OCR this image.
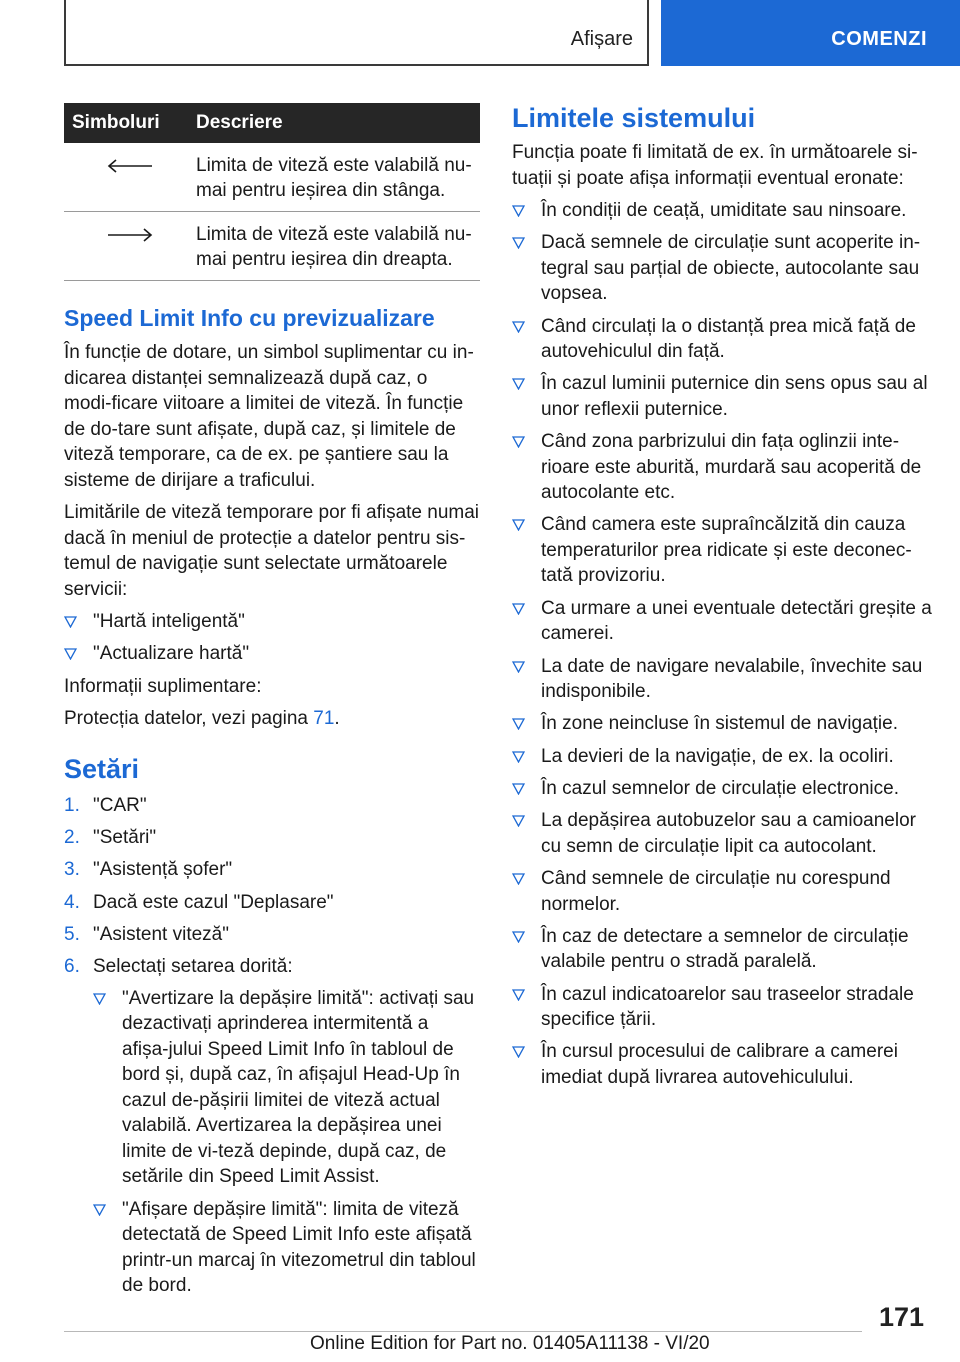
Afișare	COMENZI
Simboluri	Descriere
Limita de viteză este valabilă nu-mai pentru ieșirea din stânga.
Limita de viteză este valabilă nu-mai pentru ieșirea din dreapta.
Speed Limit Info cu previzualizare

În funcție de dotare, un simbol suplimentar cu in-dicarea distanței semnalizează după caz, o modi-ficare viitoare a limitei de viteză. În funcție de do-tare sunt afișate, după caz, și limitele de viteză temporare, ca de ex. pe șantiere sau la sisteme de dirijare a traficului.

Limitările de viteză temporare por fi afișate numai dacă în meniul de protecție a datelor pentru sis-temul de navigație sunt selectate următoarele servicii:

"Hartă inteligentă"
"Actualizare hartă"

Informații suplimentare:

Protecția datelor, vezi pagina 71.

Setări
1. "CAR"
2. "Setări"
3. "Asistență șofer"
4. Dacă este cazul "Deplasare"
5. "Asistent viteză"
6. Selectați setarea dorită:
"Avertizare la depășire limită": activați sau dezactivați aprinderea intermitentă a afișa-jului Speed Limit Info în tabloul de bord și, după caz, în afișajul Head-Up în cazul de-pășirii limitei de viteză actual valabilă. Avertizarea la depășirea unei limite de vi-teză depinde, după caz, de setările din Speed Limit Assist.
"Afișare depășire limită": limita de viteză detectată de Speed Limit Info este afișată printr-un marcaj în vitezometrul din tabloul de bord.
Limitele sistemului

Funcția poate fi limitată de ex. în următoarele si-tuații și poate afișa informații eventual eronate:

În condiții de ceață, umiditate sau ninsoare.
Dacă semnele de circulație sunt acoperite in-tegral sau parțial de obiecte, autocolante sau vopsea.
Când circulați la o distanță prea mică față de autovehiculul din față.
În cazul luminii puternice din sens opus sau al unor reflexii puternice.
Când zona parbrizului din fața oglinzii inte-rioare este aburită, murdară sau acoperită de autocolante etc.
Când camera este supraîncălzită din cauza temperaturilor prea ridicate și este deconec-tată provizoriu.
Ca urmare a unei eventuale detectări greșite a camerei.
La date de navigare nevalabile, învechite sau indisponibile.
În zone neincluse în sistemul de navigație.
La devieri de la navigație, de ex. la ocoliri.
În cazul semnelor de circulație electronice.
La depășirea autobuzelor sau a camioanelor cu semn de circulație lipit ca autocolant.
Când semnele de circulație nu corespund normelor.
În caz de detectare a semnelor de circulație valabile pentru o stradă paralelă.
În cazul indicatoarelor sau traseelor stradale specifice țării.
În cursul procesului de calibrare a camerei imediat după livrarea autovehiculului.
171
Online Edition for Part no. 01405A11138 - VI/20
